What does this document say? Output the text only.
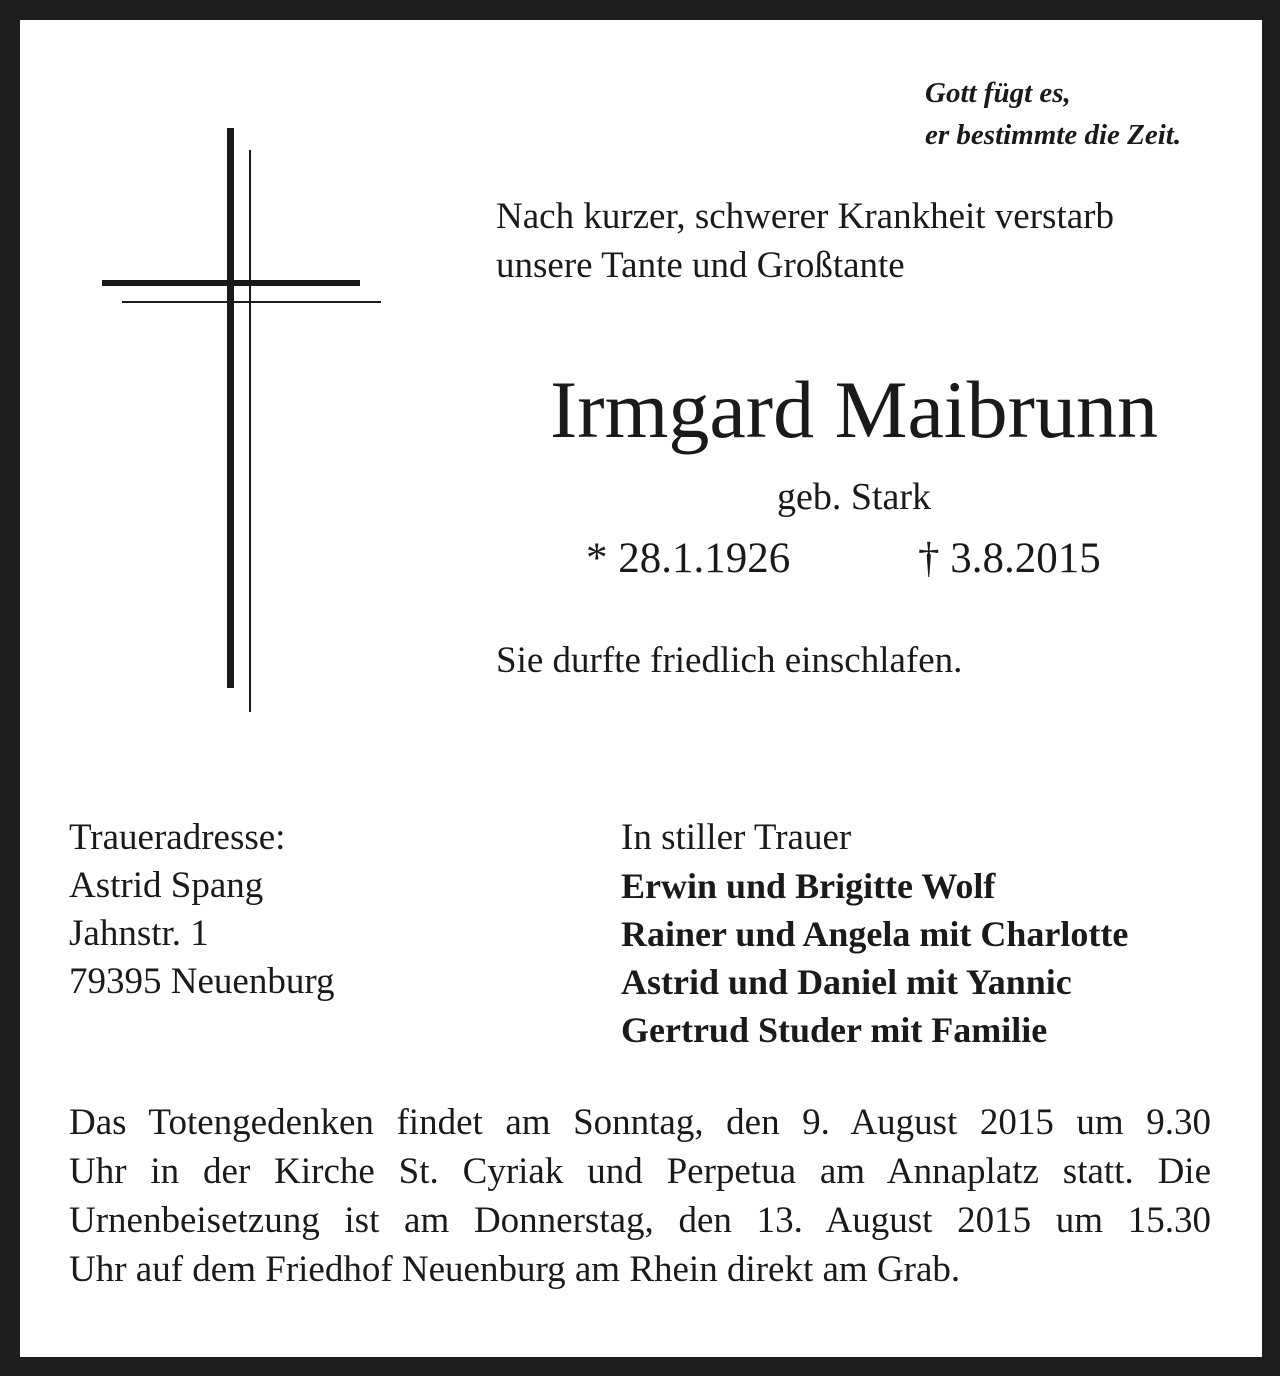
Gott fügt es,
er bestimmte die Zeit.
Nach kurzer, schwerer Krankheit verstarb
unsere Tante und Großtante
Irmgard Maibrunn
geb. Stark
* 28.1.1926	† 3.8.2015
Sie durfte friedlich einschlafen.
Traueradresse:
Astrid Spang
Jahnstr. 1
79395 Neuenburg
In stiller Trauer
Erwin und Brigitte Wolf
Rainer und Angela mit Charlotte
Astrid und Daniel mit Yannic
Gertrud Studer mit Familie
Das Totengedenken findet am Sonntag, den 9. August 2015 um 9.30
Uhr in der Kirche St. Cyriak und Perpetua am Annaplatz statt. Die
Urnenbeisetzung ist am Donnerstag, den 13. August 2015 um 15.30
Uhr auf dem Friedhof Neuenburg am Rhein direkt am Grab.
